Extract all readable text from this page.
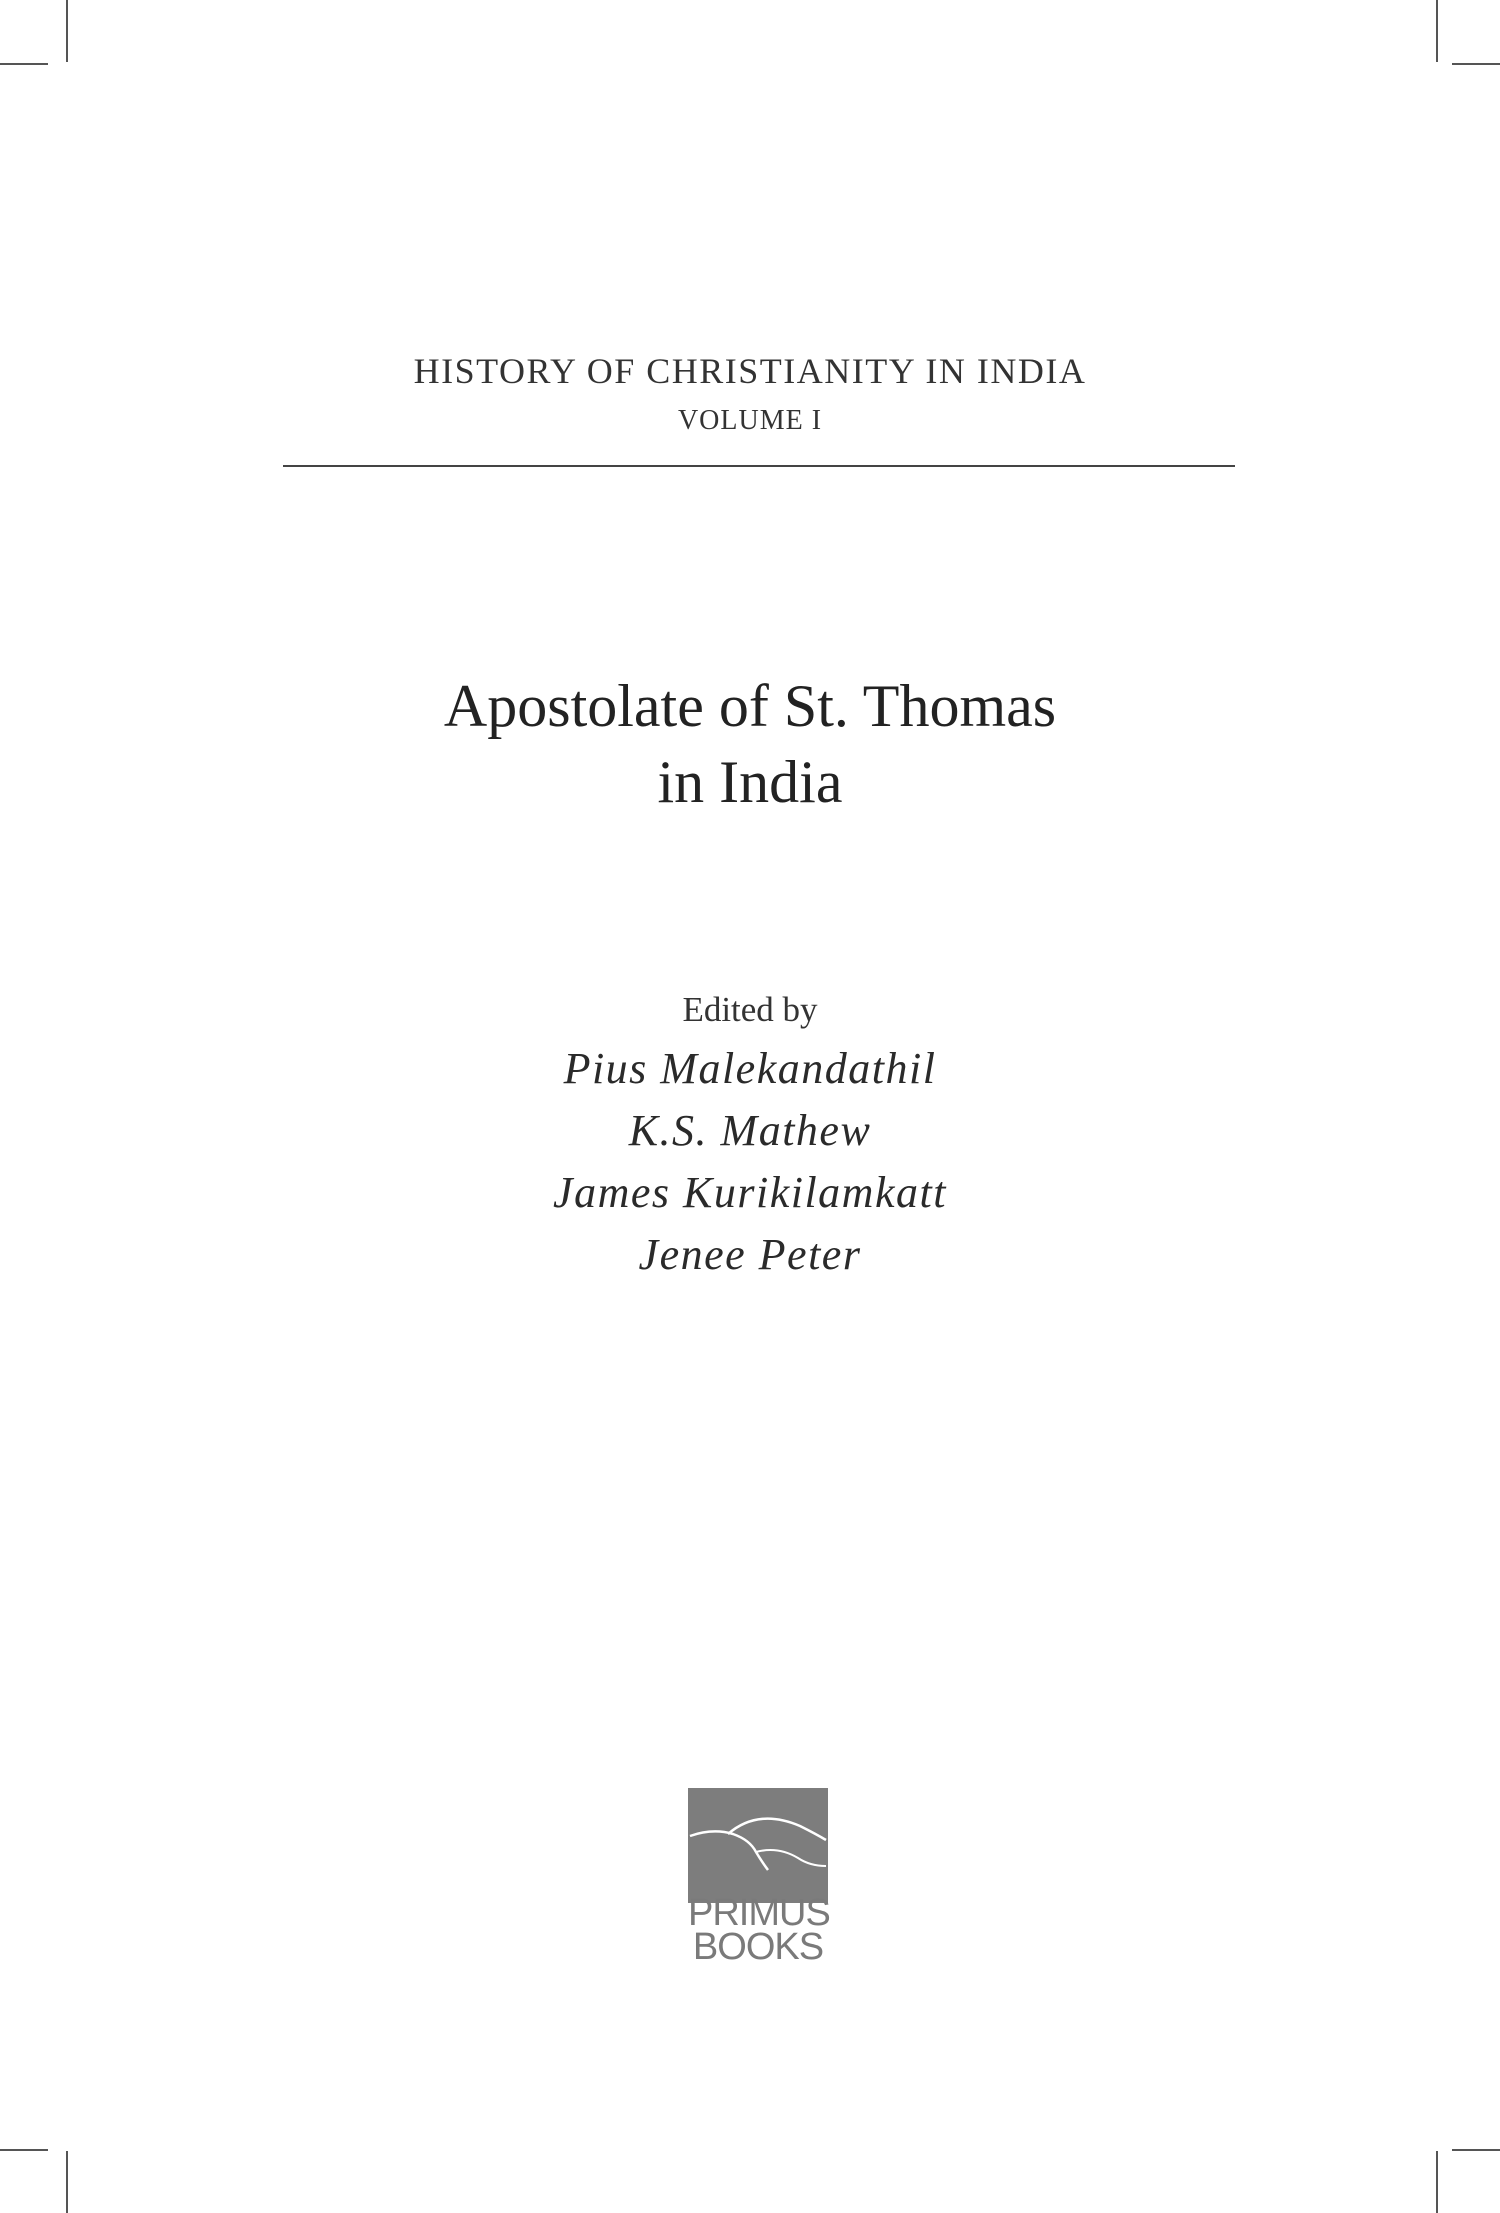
HISTORY OF CHRISTIANITY IN INDIA
VOLUME I
Apostolate of St. Thomas
in India
Edited by
Pius Malekandathil
K.S. Mathew
James Kurikilamkatt
Jenee Peter
PRIMUS
BOOKS
